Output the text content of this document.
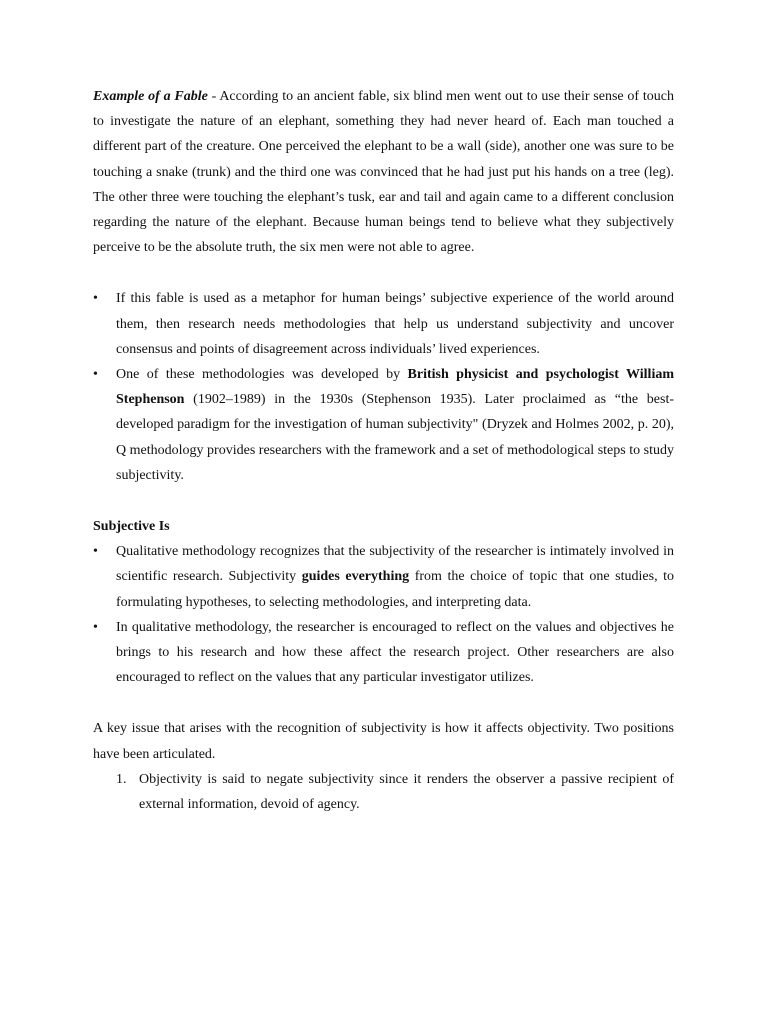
Example of a Fable - According to an ancient fable, six blind men went out to use their sense of touch to investigate the nature of an elephant, something they had never heard of. Each man touched a different part of the creature. One perceived the elephant to be a wall (side), another one was sure to be touching a snake (trunk) and the third one was convinced that he had just put his hands on a tree (leg). The other three were touching the elephant’s tusk, ear and tail and again came to a different conclusion regarding the nature of the elephant. Because human beings tend to believe what they subjectively perceive to be the absolute truth, the six men were not able to agree.

• If this fable is used as a metaphor for human beings’ subjective experience of the world around them, then research needs methodologies that help us understand subjectivity and uncover consensus and points of disagreement across individuals’ lived experiences.
• One of these methodologies was developed by British physicist and psychologist William Stephenson (1902–1989) in the 1930s (Stephenson 1935). Later proclaimed as “the best-developed paradigm for the investigation of human subjectivity" (Dryzek and Holmes 2002, p. 20), Q methodology provides researchers with the framework and a set of methodological steps to study subjectivity.
Subjective Is
• Qualitative methodology recognizes that the subjectivity of the researcher is intimately involved in scientific research. Subjectivity guides everything from the choice of topic that one studies, to formulating hypotheses, to selecting methodologies, and interpreting data.
• In qualitative methodology, the researcher is encouraged to reflect on the values and objectives he brings to his research and how these affect the research project. Other researchers are also encouraged to reflect on the values that any particular investigator utilizes.

A key issue that arises with the recognition of subjectivity is how it affects objectivity. Two positions have been articulated.

1. Objectivity is said to negate subjectivity since it renders the observer a passive recipient of external information, devoid of agency.
